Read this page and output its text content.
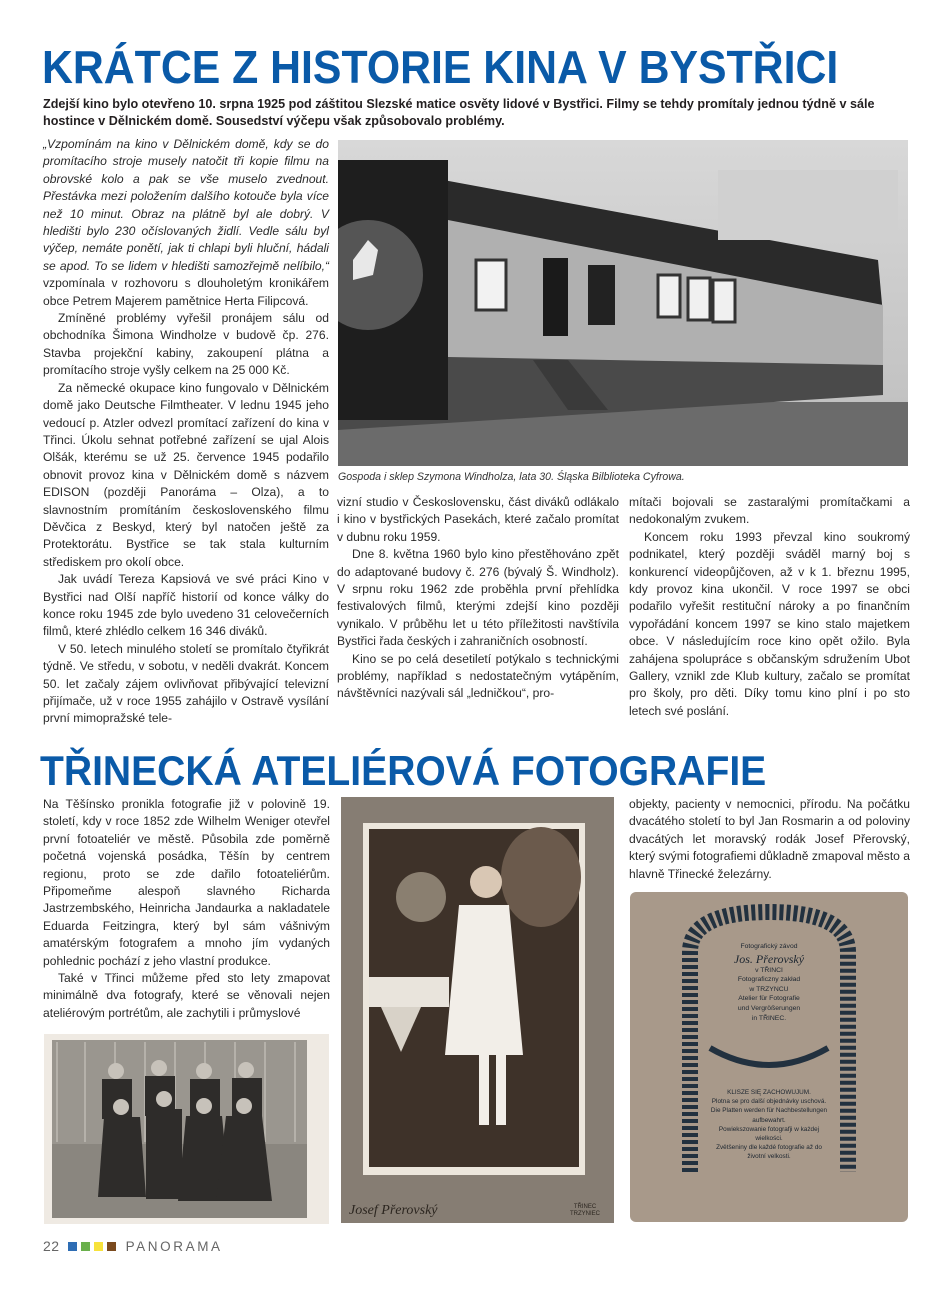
KRÁTCE Z HISTORIE KINA V BYSTŘICI
Zdejší kino bylo otevřeno 10. srpna 1925 pod záštitou Slezské matice osvěty lidové v Bystřici. Filmy se tehdy promítaly jednou týdně v sále hostince v Dělnickém domě. Sousedství výčepu však způsobovalo problémy.

„Vzpomínám na kino v Dělnickém domě, kdy se do promítacího stroje musely natočit tři kopie filmu na obrovské kolo a pak se vše muselo zvednout. Přestávka mezi položením dalšího kotouče byla více než 10 minut. Obraz na plátně byl ale dobrý. V hledišti bylo 230 očíslovaných židlí. Vedle sálu byl výčep, nemáte ponětí, jak ti chlapi byli hluční, hádali se apod. To se lidem v hledišti samozřejmě nelíbilo,“ vzpomínala v rozhovoru s dlouholetým kronikářem obce Petrem Majerem pamětnice Herta Filipcová.

Zmíněné problémy vyřešil pronájem sálu od obchodníka Šimona Windholze v budově čp. 276. Stavba projekční kabiny, zakoupení plátna a promítacího stroje vyšly celkem na 25 000 Kč.

Za německé okupace kino fungovalo v Dělnickém domě jako Deutsche Filmtheater. V lednu 1945 jeho vedoucí p. Atzler odvezl promítací zařízení do kina v Třinci. Úkolu sehnat potřebné zařízení se ujal Alois Olšák, kterému se už 25. července 1945 podařilo obnovit provoz kina v Dělnickém domě s názvem EDISON (později Panoráma – Olza), a to slavnostním promítáním československého filmu Děvčica z Beskyd, který byl natočen ještě za Protektorátu. Bystřice se tak stala kulturním střediskem pro okolí obce.

Jak uvádí Tereza Kapsiová ve své práci Kino v Bystřici nad Olší napříč historií od konce války do konce roku 1945 zde bylo uvedeno 31 celovečerních filmů, které zhlédlo celkem 16 346 diváků.

V 50. letech minulého století se promítalo čtyřikrát týdně. Ve středu, v sobotu, v neděli dvakrát. Koncem 50. let začaly zájem ovlivňovat přibývající televizní přijímače, už v roce 1955 zahájilo v Ostravě vysílání první mimopražské tele-

Gospoda i sklep Szymona Windholza, lata 30. Śląska Bilblioteka Cyfrowa.

vizní studio v Československu, část diváků odlákalo i kino v bystřických Pasekách, které začalo promítat v dubnu roku 1959.

Dne 8. května 1960 bylo kino přestěhováno zpět do adaptované budovy č. 276 (bývalý Š. Windholz). V srpnu roku 1962 zde proběhla první přehlídka festivalových filmů, kterými zdejší kino později vynikalo. V průběhu let u této příležitosti navštívila Bystřici řada českých i zahraničních osobností.

Kino se po celá desetiletí potýkalo s technickými problémy, například s nedostatečným vytápěním, návštěvníci nazývali sál „ledničkou“, pro-

mítači bojovali se zastaralými promítačkami a nedokonalým zvukem.

Koncem roku 1993 převzal kino soukromý podnikatel, který později sváděl marný boj s konkurencí videopůjčoven, až v k 1. březnu 1995, kdy provoz kina ukončil. V roce 1997 se obci podařilo vyřešit restituční nároky a po finančním vypořádání koncem 1997 se kino stalo majetkem obce. V následujícím roce kino opět ožilo. Byla zahájena spolupráce s občanským sdružením Ubot Gallery, vznikl zde Klub kultury, začalo se promítat pro školy, pro děti. Díky tomu kino plní i po sto letech své poslání.

TŘINECKÁ ATELIÉROVÁ FOTOGRAFIE

Na Těšínsko pronikla fotografie již v polovině 19. století, kdy v roce 1852 zde Wilhelm Weniger otevřel první fotoateliér ve městě. Působila zde poměrně početná vojenská posádka, Těšín by centrem regionu, proto se zde dařilo fotoateliérům. Připomeňme alespoň slavného Richarda Jastrzembského, Heinricha Jandaurka a nakladatele Eduarda Feitzingra, který byl sám vášnivým amatérským fotografem a mnoho jím vydaných pohlednic pochází z jeho vlastní produkce.

Také v Třinci můžeme před sto lety zmapovat minimálně dva fotografy, které se věnovali nejen ateliérovým portrétům, ale zachytili i průmyslové

Josef Přerovský	TŘINEC
TRZYNIEC

objekty, pacienty v nemocnici, přírodu. Na počátku dvacátého století to byl Jan Rosmarin a od poloviny dvacátých let moravský rodák Josef Přerovský, který svými fotografiemi důkladně zmapoval město a hlavně Třinecké železárny.

Fotografický závod
Jos. Přerovský
v TŘINCI
Fotograficzny zakład
w TRZYNCU
Atelier für Fotografie
und Vergrößerungen
in TŘINEC.
KLISZE SIĘ ZACHOWUJUM.
Plotna se pro další objednávky uschová.
Die Platten werden für Nachbestellungen aufbewahrt.
Powiekszowanie fotografji w każdej wielkości.
Zvětšeniny dle každé fotografie až do životní velkosti.
22	PANORAMA
